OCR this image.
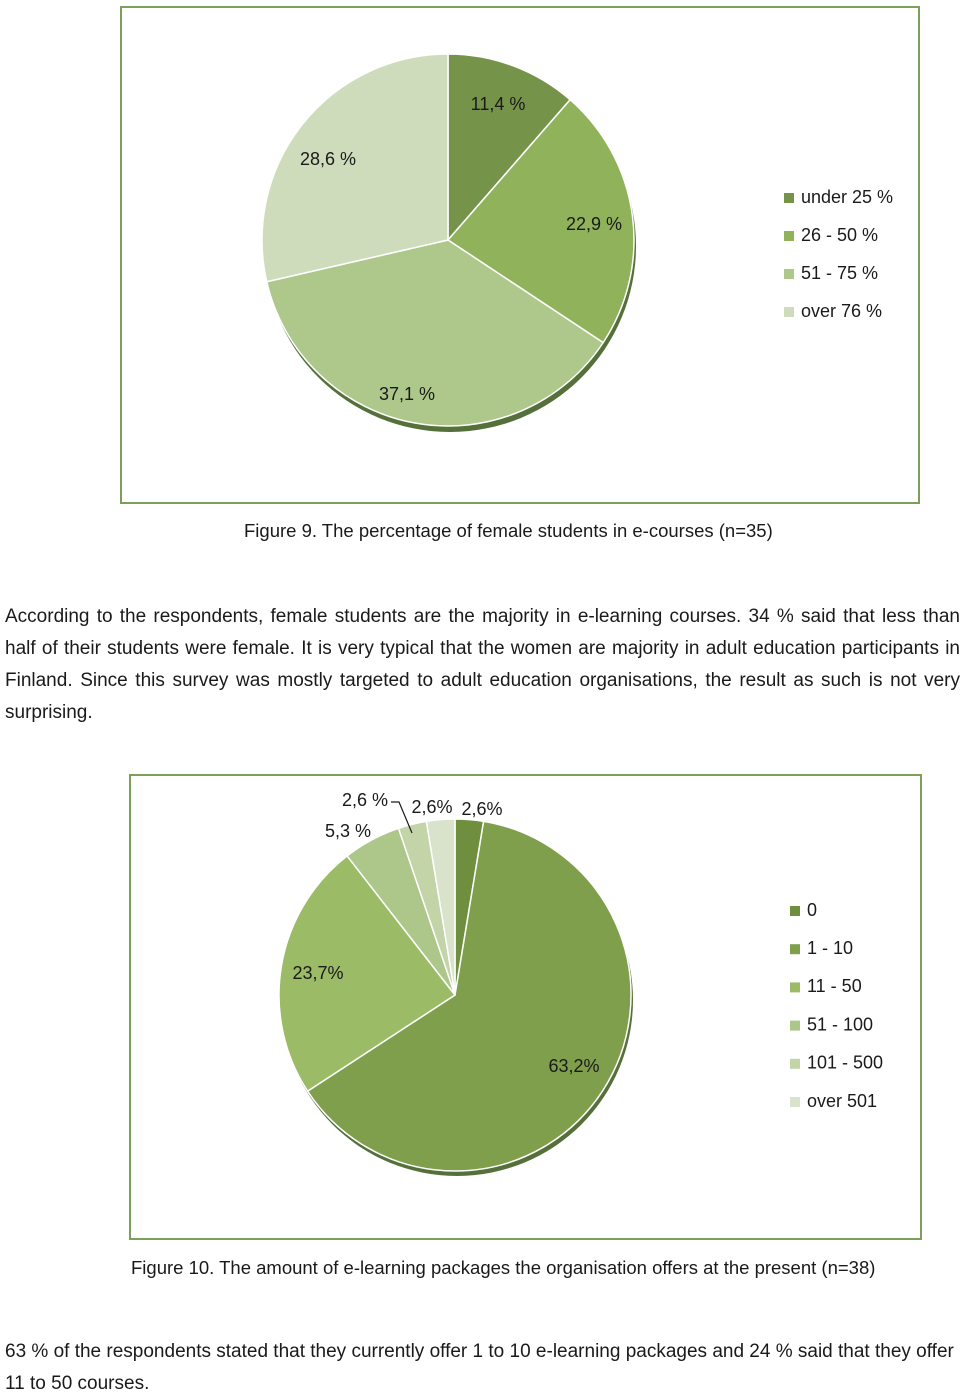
11,4 %
22,9 %
37,1 %
28,6 %
under 25 %
26 - 50 %
51 - 75 %
over 76 %
Figure 9. The percentage of female students in e-courses (n=35)

According to the respondents, female students are the majority in e-learning courses. 34 % said that less than half of their students were female. It is very typical that the women are majority in adult education participants in Finland. Since this survey was mostly targeted to adult education organisations, the result as such is not very surprising.

2,6%
63,2%
23,7%
5,3 %
2,6 % 2,6%
0
1 - 10
11 - 50
51 - 100
101 - 500
over 501
Figure 10. The amount of e-learning packages the organisation offers at the present (n=38)

63 % of the respondents stated that they currently offer 1 to 10 e-learning packages and 24 % said that they offer 11 to 50 courses.
